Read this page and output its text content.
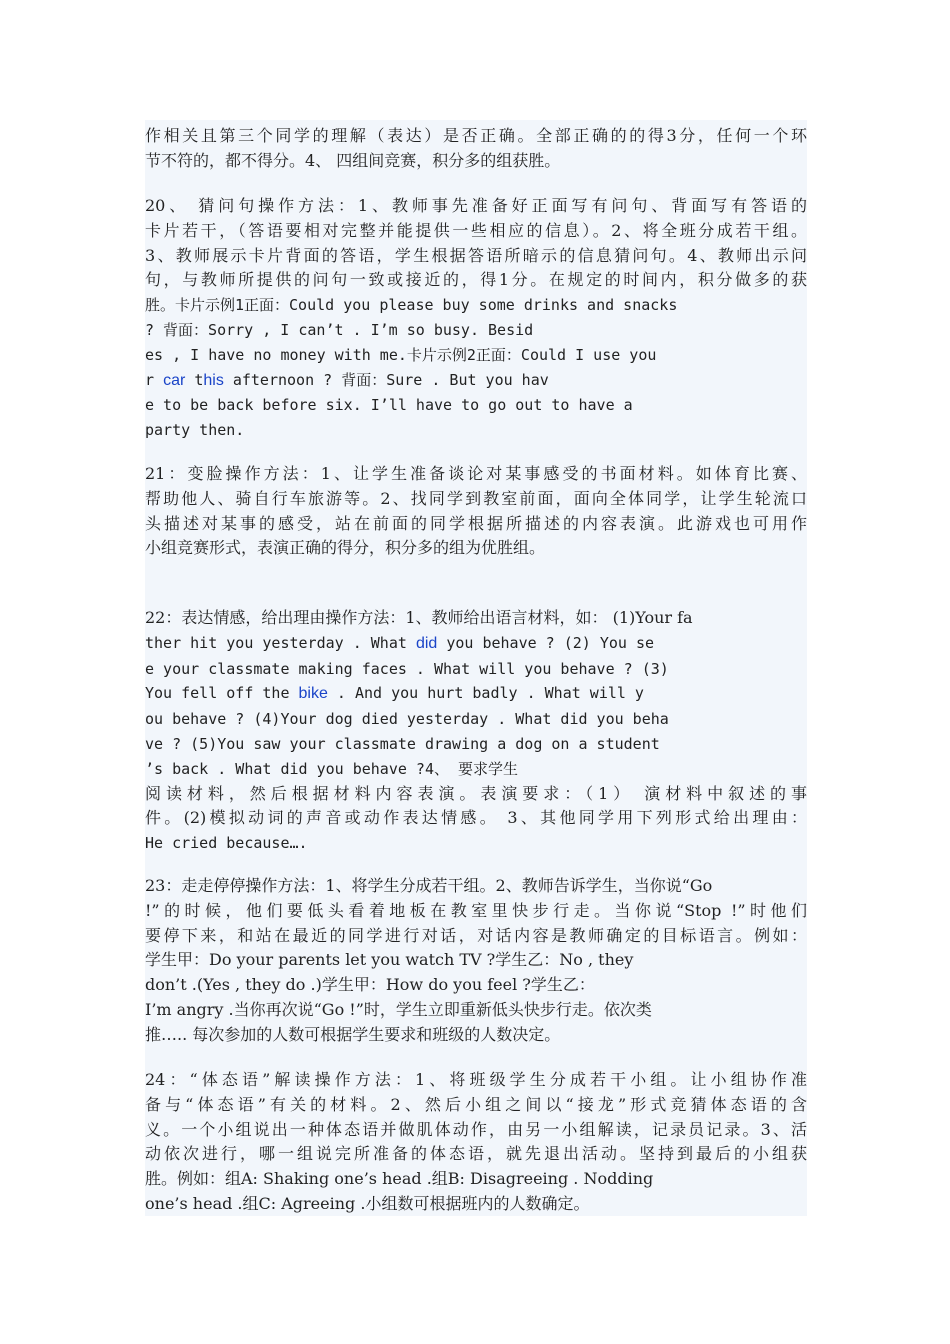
作相关且第三个同学的理解（表达）是否正确。全部正确的的得3分，任何一个环
节不符的，都不得分。4、 四组间竞赛，积分多的组获胜。
20、 猜问句操作方法：1、教师事先准备好正面写有问句、背面写有答语的
卡片若干，（答语要相对完整并能提供一些相应的信息）。2、将全班分成若干组。
3、教师展示卡片背面的答语，学生根据答语所暗示的信息猜问句。4、教师出示问
句，与教师所提供的问句一致或接近的，得1分。在规定的时间内，积分做多的获
胜。卡片示例1正面：Could you please buy some drinks and snacks
? 背面：Sorry , I can’t . I’m so busy. Besid
es , I have no money with me.卡片示例2正面：Could I use you
r car this afternoon ? 背面：Sure . But you hav
e to be back before six. I’ll have to go out to have a
party then.
21：变脸操作方法：1、让学生准备谈论对某事感受的书面材料。如体育比赛、
帮助他人、骑自行车旅游等。2、找同学到教室前面，面向全体同学，让学生轮流口
头描述对某事的感受，站在前面的同学根据所描述的内容表演。此游戏也可用作
小组竞赛形式，表演正确的得分，积分多的组为优胜组。
22：表达情感，给出理由操作方法：1、教师给出语言材料，如： (1)Your fa
ther hit you yesterday . What did you behave ? (2) You se
e your classmate making faces . What will you behave ? (3)
You fell off the bike . And you hurt badly . What will y
ou behave ? (4)Your dog died yesterday . What did you beha
ve ? (5)You saw your classmate drawing a dog on a student
’s back . What did you behave ?4、 要求学生
阅读材料，然后根据材料内容表演。表演要求：（1） 演材料中叙述的事
件。(2)模拟动词的声音或动作表达情感。 3、其他同学用下列形式给出理由：
He cried because….
23：走走停停操作方法：1、将学生分成若干组。2、教师告诉学生，当你说“Go
!”的时候，他们要低头看着地板在教室里快步行走。当你说“Stop !”时他们
要停下来，和站在最近的同学进行对话，对话内容是教师确定的目标语言。例如：
学生甲：Do your parents let you watch TV ?学生乙：No , they
don’t .(Yes , they do .)学生甲：How do you feel ?学生乙：
I’m angry .当你再次说“Go !”时，学生立即重新低头快步行走。依次类
推….. 每次参加的人数可根据学生要求和班级的人数决定。
24：“体态语”解读操作方法：1、将班级学生分成若干小组。让小组协作准
备与“体态语”有关的材料。2、然后小组之间以“接龙”形式竞猜体态语的含
义。一个小组说出一种体态语并做肌体动作，由另一小组解读，记录员记录。3、活
动依次进行，哪一组说完所准备的体态语，就先退出活动。坚持到最后的小组获
胜。例如：组A: Shaking one’s head .组B: Disagreeing . Nodding
one’s head .组C: Agreeing .小组数可根据班内的人数确定。
